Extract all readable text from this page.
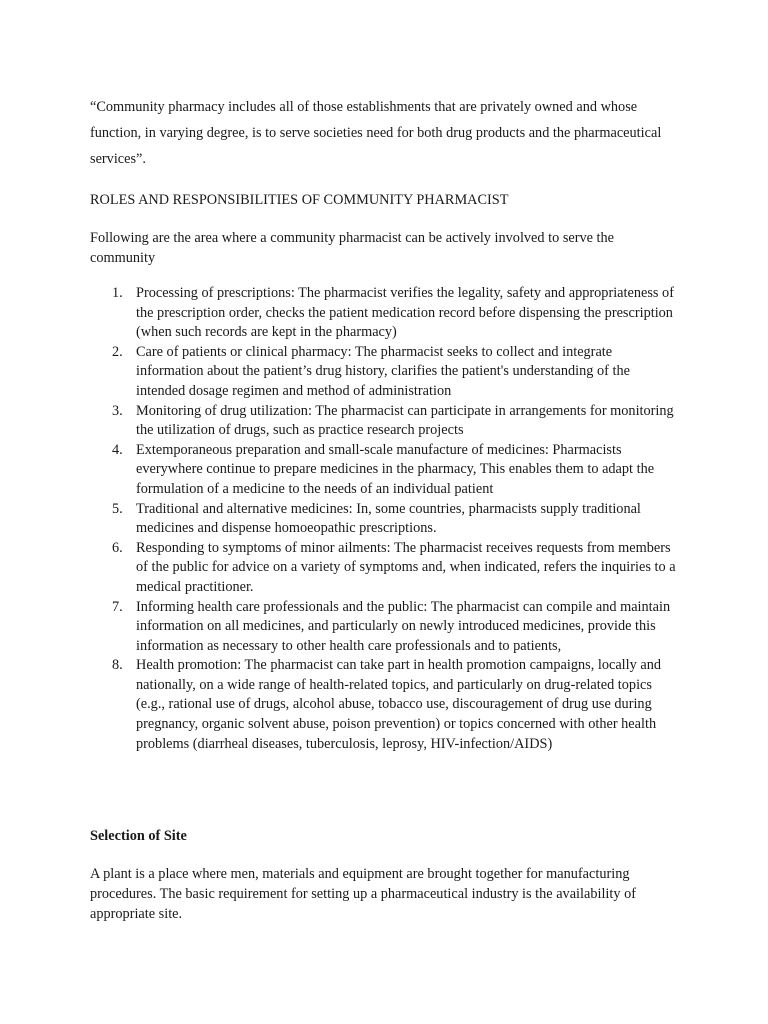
“Community pharmacy includes all of those establishments that are privately owned and whose function, in varying degree, is to serve societies need for both drug products and the pharmaceutical services”.

ROLES AND RESPONSIBILITIES OF COMMUNITY PHARMACIST

Following are the area where a community pharmacist can be actively involved to serve the community

1. Processing of prescriptions: The pharmacist verifies the legality, safety and appropriateness of the prescription order, checks the patient medication record before dispensing the prescription (when such records are kept in the pharmacy)
2. Care of patients or clinical pharmacy: The pharmacist seeks to collect and integrate information about the patient’s drug history, clarifies the patient's understanding of the intended dosage regimen and method of administration
3. Monitoring of drug utilization: The pharmacist can participate in arrangements for monitoring the utilization of drugs, such as practice research projects
4. Extemporaneous preparation and small-scale manufacture of medicines: Pharmacists everywhere continue to prepare medicines in the pharmacy, This enables them to adapt the formulation of a medicine to the needs of an individual patient
5. Traditional and alternative medicines: In, some countries, pharmacists supply traditional medicines and dispense homoeopathic prescriptions.
6. Responding to symptoms of minor ailments: The pharmacist receives requests from members of the public for advice on a variety of symptoms and, when indicated, refers the inquiries to a medical practitioner.
7. Informing health care professionals and the public: The pharmacist can compile and maintain information on all medicines, and particularly on newly introduced medicines, provide this information as necessary to other health care professionals and to patients,
8. Health promotion: The pharmacist can take part in health promotion campaigns, locally and nationally, on a wide range of health-related topics, and particularly on drug-related topics (e.g., rational use of drugs, alcohol abuse, tobacco use, discouragement of drug use during pregnancy, organic solvent abuse, poison prevention) or topics concerned with other health problems (diarrheal diseases, tuberculosis, leprosy, HIV-infection/AIDS)

Selection of Site

A plant is a place where men, materials and equipment are brought together for manufacturing procedures. The basic requirement for setting up a pharmaceutical industry is the availability of appropriate site.
